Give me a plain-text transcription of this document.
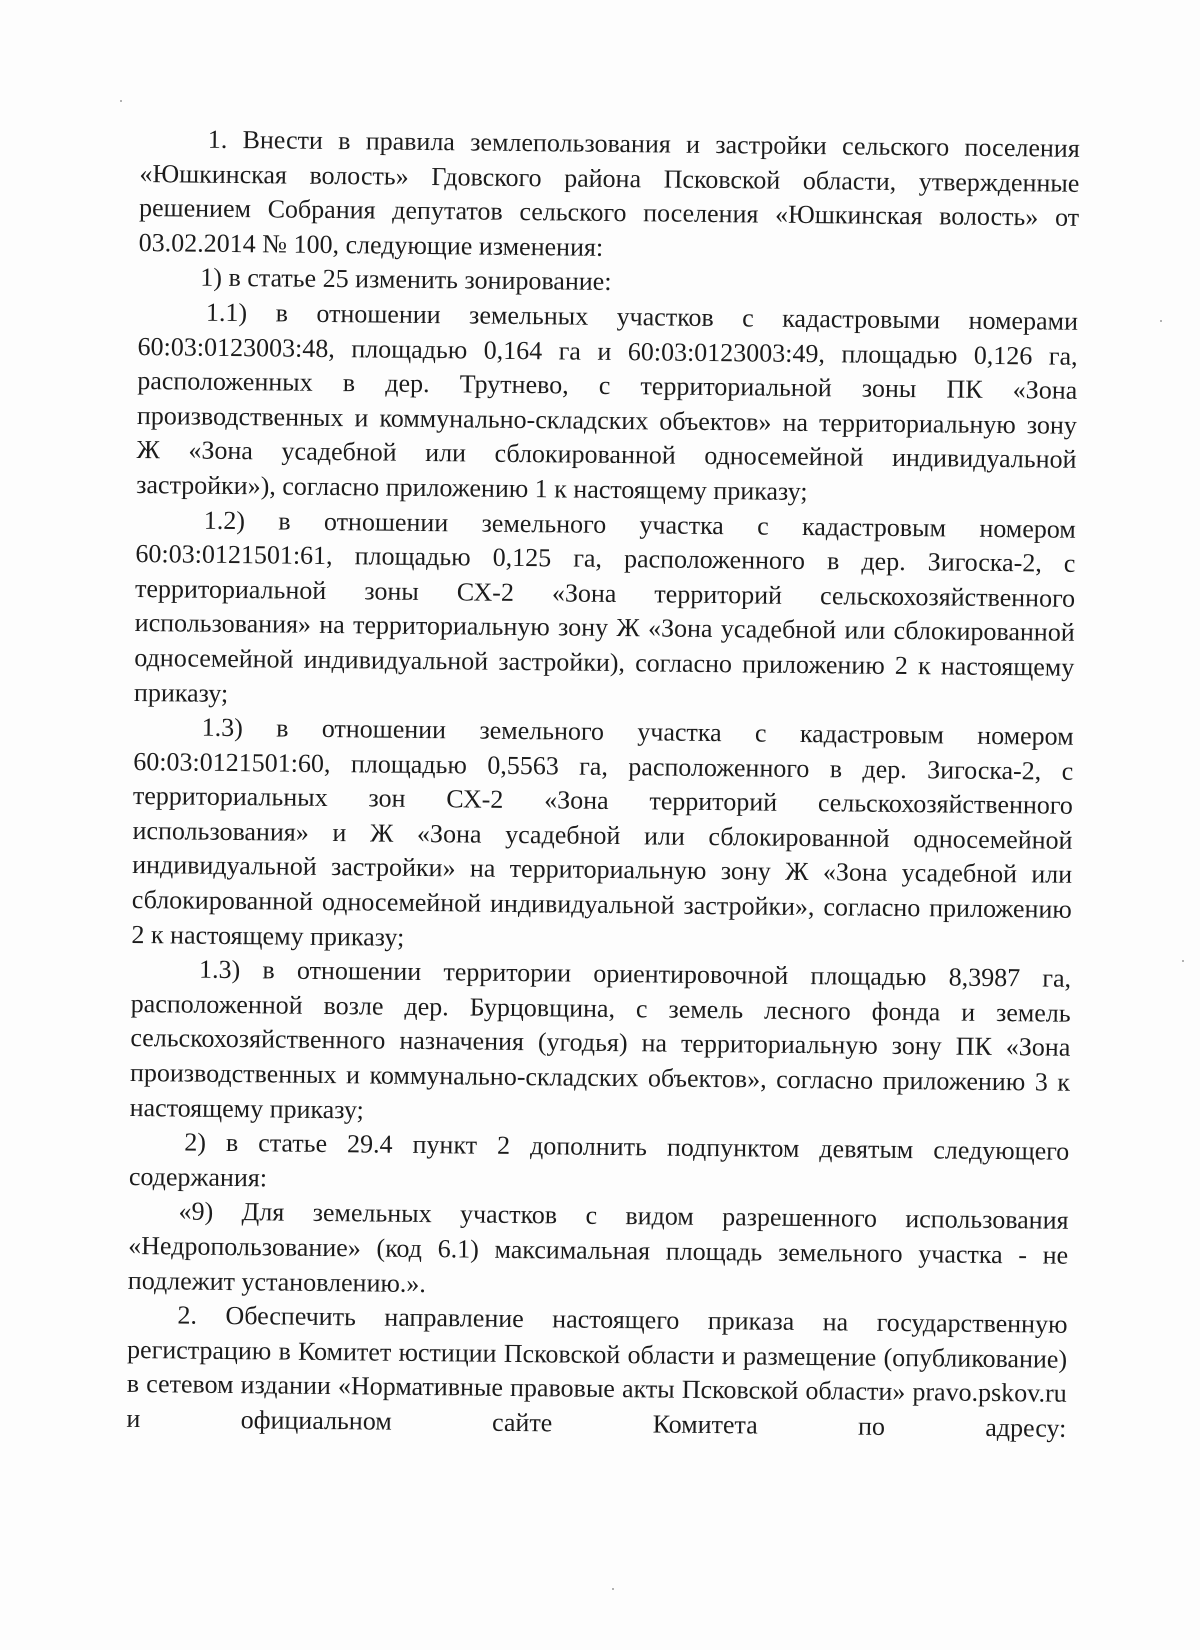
1. Внести в правила землепользования и застройки сельского поселения «Юшкинская волость» Гдовского района Псковской области, утвержденные решением Собрания депутатов сельского поселения «Юшкинская волость» от 03.02.2014 № 100, следующие изменения:

1) в статье 25 изменить зонирование:

1.1) в отношении земельных участков с кадастровыми номерами 60:03:0123003:48, площадью 0,164 га и 60:03:0123003:49, площадью 0,126 га, расположенных в дер. Трутнево, с территориальной зоны ПК «Зона производственных и коммунально-складских объектов» на территориальную зону Ж «Зона усадебной или сблокированной односемейной индивидуальной застройки»), согласно приложению 1 к настоящему приказу;

1.2) в отношении земельного участка с кадастровым номером 60:03:0121501:61, площадью 0,125 га, расположенного в дер. Зигоска-2, с территориальной зоны СХ-2 «Зона территорий сельскохозяйственного использования» на территориальную зону Ж «Зона усадебной или сблокированной односемейной индивидуальной застройки), согласно приложению 2 к настоящему приказу;

1.3) в отношении земельного участка с кадастровым номером 60:03:0121501:60, площадью 0,5563 га, расположенного в дер. Зигоска-2, с территориальных зон СХ-2 «Зона территорий сельскохозяйственного использования» и Ж «Зона усадебной или сблокированной односемейной индивидуальной застройки» на территориальную зону Ж «Зона усадебной или сблокированной односемейной индивидуальной застройки», согласно приложению 2 к настоящему приказу;

1.3) в отношении территории ориентировочной площадью 8,3987 га, расположенной возле дер. Бурцовщина, с земель лесного фонда и земель сельскохозяйственного назначения (угодья) на территориальную зону ПК «Зона производственных и коммунально-складских объектов», согласно приложению 3 к настоящему приказу;

2) в статье 29.4 пункт 2 дополнить подпунктом девятым следующего содержания:

«9) Для земельных участков с видом разрешенного использования «Недропользование» (код 6.1) максимальная площадь земельного участка - не подлежит установлению.».

2. Обеспечить направление настоящего приказа на государственную регистрацию в Комитет юстиции Псковской области и размещение (опубликование) в сетевом издании «Нормативные правовые акты Псковской области» pravo.pskov.ru и официальном сайте Комитета по адресу:
